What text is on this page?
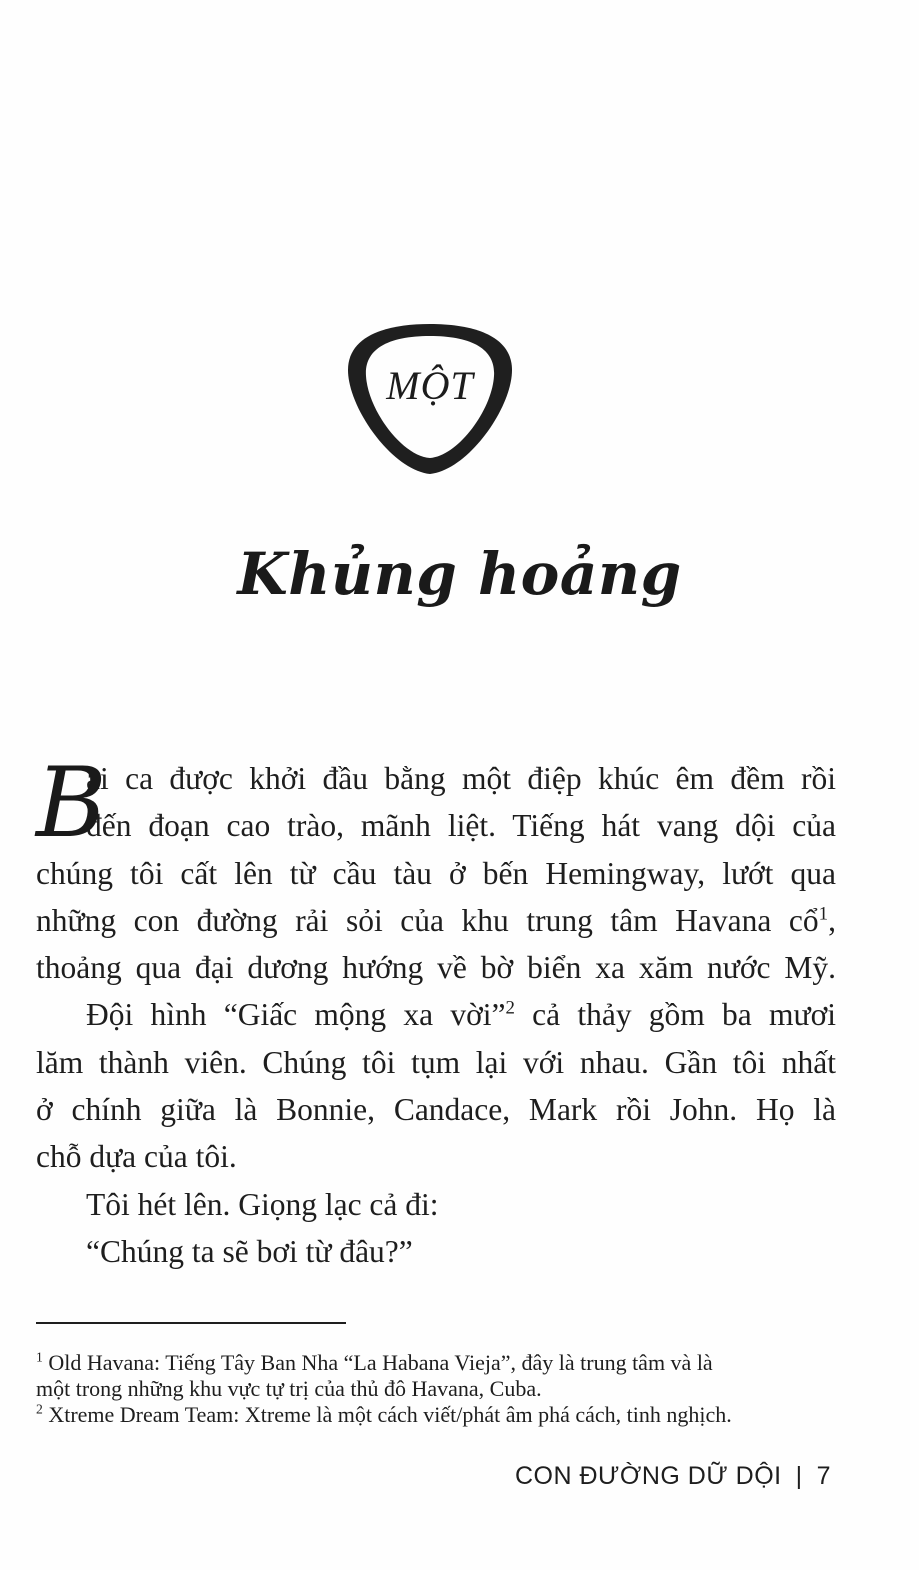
MỘT
Khủng hoảng

B
ài ca được khởi đầu bằng một điệp khúc êm đềm rồi
đến đoạn cao trào, mãnh liệt. Tiếng hát vang dội của
chúng tôi cất lên từ cầu tàu ở bến Hemingway, lướt qua
những con đường rải sỏi của khu trung tâm Havana cổ$^1$,
thoảng qua đại dương hướng về bờ biển xa xăm nước Mỹ.

Đội hình “Giấc mộng xa vời”$^2$ cả thảy gồm ba mươi
lăm thành viên. Chúng tôi tụm lại với nhau. Gần tôi nhất
ở chính giữa là Bonnie, Candace, Mark rồi John. Họ là
chỗ dựa của tôi.

Tôi hét lên. Giọng lạc cả đi:

“Chúng ta sẽ bơi từ đâu?”

$^1$ Old Havana: Tiếng Tây Ban Nha “La Habana Vieja”, đây là trung tâm và là

một trong những khu vực tự trị của thủ đô Havana, Cuba.

$^2$ Xtreme Dream Team: Xtreme là một cách viết/phát âm phá cách, tinh nghịch.

CON ĐƯỜNG DỮ DỘI | 7
